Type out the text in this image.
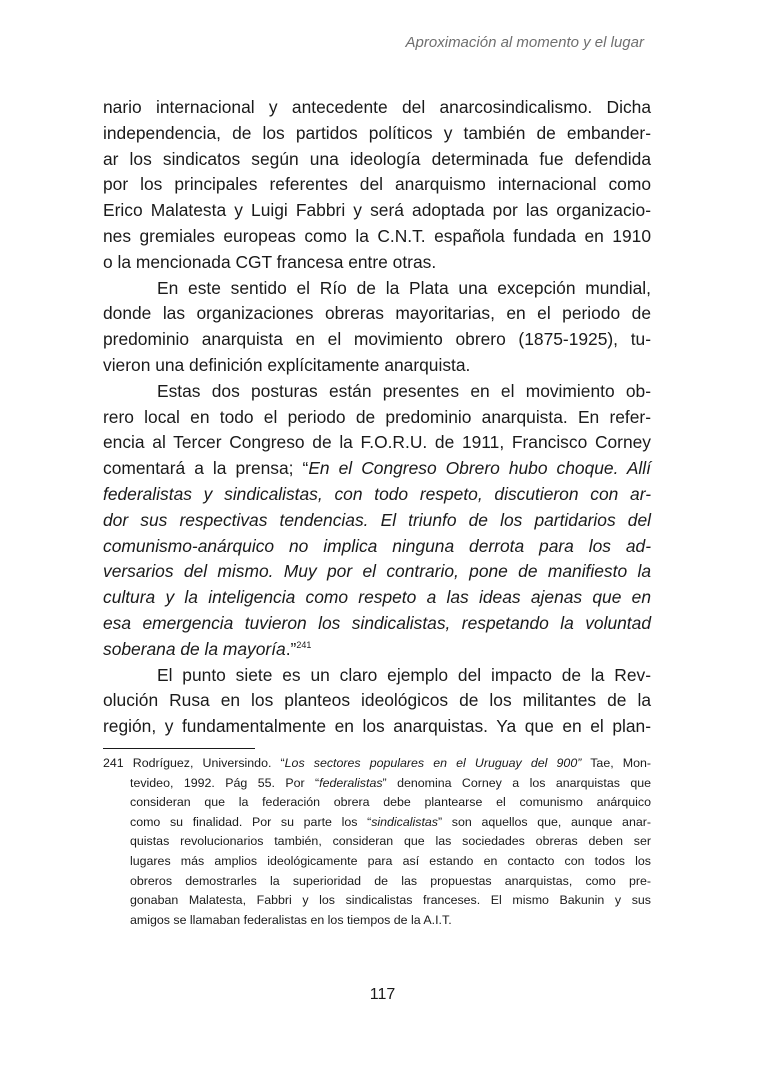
Aproximación al momento y el lugar
nario internacional y antecedente del anarcosindicalismo. Dicha
independencia, de los partidos políticos y también de embander-
ar los sindicatos según una ideología determinada fue defendida
por los principales referentes del anarquismo internacional como
Erico Malatesta y Luigi Fabbri y será adoptada por las organizacio-
nes gremiales europeas como la C.N.T. española fundada en 1910
o la mencionada CGT francesa entre otras.
En este sentido el Río de la Plata una excepción mundial,
donde las organizaciones obreras mayoritarias, en el periodo de
predominio anarquista en el movimiento obrero (1875-1925), tu-
vieron una definición explícitamente anarquista.
Estas dos posturas están presentes en el movimiento ob-
rero local en todo el periodo de predominio anarquista. En refer-
encia al Tercer Congreso de la F.O.R.U. de 1911, Francisco Corney
comentará a la prensa; “En el Congreso Obrero hubo choque. Allí
federalistas y sindicalistas, con todo respeto, discutieron con ar-
dor sus respectivas tendencias. El triunfo de los partidarios del
comunismo-anárquico no implica ninguna derrota para los ad-
versarios del mismo. Muy por el contrario, pone de manifiesto la
cultura y la inteligencia como respeto a las ideas ajenas que en
esa emergencia tuvieron los sindicalistas, respetando la voluntad
soberana de la mayoría.”$^{241}$
El punto siete es un claro ejemplo del impacto de la Rev-
olución Rusa en los planteos ideológicos de los militantes de la
región, y fundamentalmente en los anarquistas. Ya que en el plan-
241 Rodríguez, Universindo. “Los sectores populares en el Uruguay del 900” Tae, Mon-
tevideo, 1992. Pág 55. Por “federalistas” denomina Corney a los anarquistas que
consideran que la federación obrera debe plantearse el comunismo anárquico
como su finalidad. Por su parte los “sindicalistas” son aquellos que, aunque anar-
quistas revolucionarios también, consideran que las sociedades obreras deben ser
lugares más amplios ideológicamente para así estando en contacto con todos los
obreros demostrarles la superioridad de las propuestas anarquistas, como pre-
gonaban Malatesta, Fabbri y los sindicalistas franceses. El mismo Bakunin y sus
amigos se llamaban federalistas en los tiempos de la A.I.T.
117
